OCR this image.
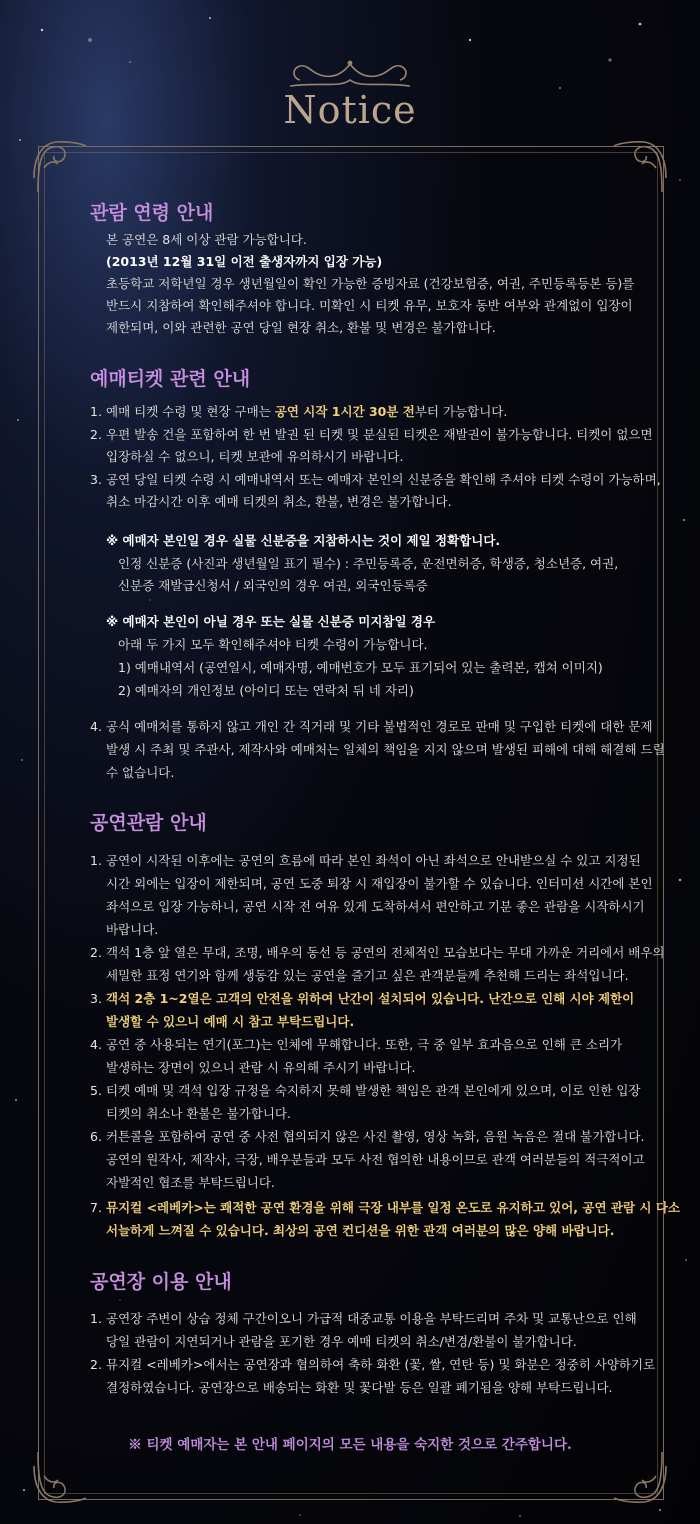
Notice
관람 연령 안내
본 공연은 8세 이상 관람 가능합니다.
(2013년 12월 31일 이전 출생자까지 입장 가능)
초등학교 저학년일 경우 생년월일이 확인 가능한 증빙자료 (건강보험증, 여권, 주민등록등본 등)를
반드시 지참하여 확인해주셔야 합니다. 미확인 시 티켓 유무, 보호자 동반 여부와 관계없이 입장이
제한되며, 이와 관련한 공연 당일 현장 취소, 환불 및 변경은 불가합니다.
예매티켓 관련 안내
1. 예매 티켓 수령 및 현장 구매는 공연 시작 1시간 30분 전부터 가능합니다.
2. 우편 발송 건을 포함하여 한 번 발권 된 티켓 및 분실된 티켓은 재발권이 불가능합니다. 티켓이 없으면
입장하실 수 없으니, 티켓 보관에 유의하시기 바랍니다.
3. 공연 당일 티켓 수령 시 예매내역서 또는 예매자 본인의 신분증을 확인해 주셔야 티켓 수령이 가능하며,
취소 마감시간 이후 예매 티켓의 취소, 환불, 변경은 불가합니다.
※ 예매자 본인일 경우 실물 신분증을 지참하시는 것이 제일 정확합니다.
인정 신분증 (사진과 생년월일 표기 필수) : 주민등록증, 운전면허증, 학생증, 청소년증, 여권,
신분증 재발급신청서 / 외국인의 경우 여권, 외국인등록증
※ 예매자 본인이 아닐 경우 또는 실물 신분증 미지참일 경우
아래 두 가지 모두 확인해주셔야 티켓 수령이 가능합니다.
1) 예매내역서 (공연일시, 예매자명, 예매번호가 모두 표기되어 있는 출력본, 캡쳐 이미지)
2) 예매자의 개인정보 (아이디 또는 연락처 뒤 네 자리)
4. 공식 예매처를 통하지 않고 개인 간 직거래 및 기타 불법적인 경로로 판매 및 구입한 티켓에 대한 문제
발생 시 주최 및 주관사, 제작사와 예매처는 일체의 책임을 지지 않으며 발생된 피해에 대해 해결해 드릴
수 없습니다.
공연관람 안내
1. 공연이 시작된 이후에는 공연의 흐름에 따라 본인 좌석이 아닌 좌석으로 안내받으실 수 있고 지정된
시간 외에는 입장이 제한되며, 공연 도중 퇴장 시 재입장이 불가할 수 있습니다. 인터미션 시간에 본인
좌석으로 입장 가능하니, 공연 시작 전 여유 있게 도착하셔서 편안하고 기분 좋은 관람을 시작하시기
바랍니다.
2. 객석 1층 앞 열은 무대, 조명, 배우의 동선 등 공연의 전체적인 모습보다는 무대 가까운 거리에서 배우의
세밀한 표정 연기와 함께 생동감 있는 공연을 즐기고 싶은 관객분들께 추천해 드리는 좌석입니다.
3. 객석 2층 1~2열은 고객의 안전을 위하여 난간이 설치되어 있습니다. 난간으로 인해 시야 제한이
발생할 수 있으니 예매 시 참고 부탁드립니다.
4. 공연 중 사용되는 연기(포그)는 인체에 무해합니다. 또한, 극 중 일부 효과음으로 인해 큰 소리가
발생하는 장면이 있으니 관람 시 유의해 주시기 바랍니다.
5. 티켓 예매 및 객석 입장 규정을 숙지하지 못해 발생한 책임은 관객 본인에게 있으며, 이로 인한 입장
티켓의 취소나 환불은 불가합니다.
6. 커튼콜을 포함하여 공연 중 사전 협의되지 않은 사진 촬영, 영상 녹화, 음원 녹음은 절대 불가합니다.
공연의 원작사, 제작사, 극장, 배우분들과 모두 사전 협의한 내용이므로 관객 여러분들의 적극적이고
자발적인 협조를 부탁드립니다.
7. 뮤지컬 <레베카>는 쾌적한 공연 환경을 위해 극장 내부를 일정 온도로 유지하고 있어, 공연 관람 시 다소
서늘하게 느껴질 수 있습니다. 최상의 공연 컨디션을 위한 관객 여러분의 많은 양해 바랍니다.
공연장 이용 안내
1. 공연장 주변이 상습 정체 구간이오니 가급적 대중교통 이용을 부탁드리며 주차 및 교통난으로 인해
당일 관람이 지연되거나 관람을 포기한 경우 예매 티켓의 취소/변경/환불이 불가합니다.
2. 뮤지컬 <레베카>에서는 공연장과 협의하여 축하 화환 (꽃, 쌀, 연탄 등) 및 화분은 정중히 사양하기로
결정하였습니다. 공연장으로 배송되는 화환 및 꽃다발 등은 일괄 폐기됨을 양해 부탁드립니다.
※ 티켓 예매자는 본 안내 페이지의 모든 내용을 숙지한 것으로 간주합니다.
